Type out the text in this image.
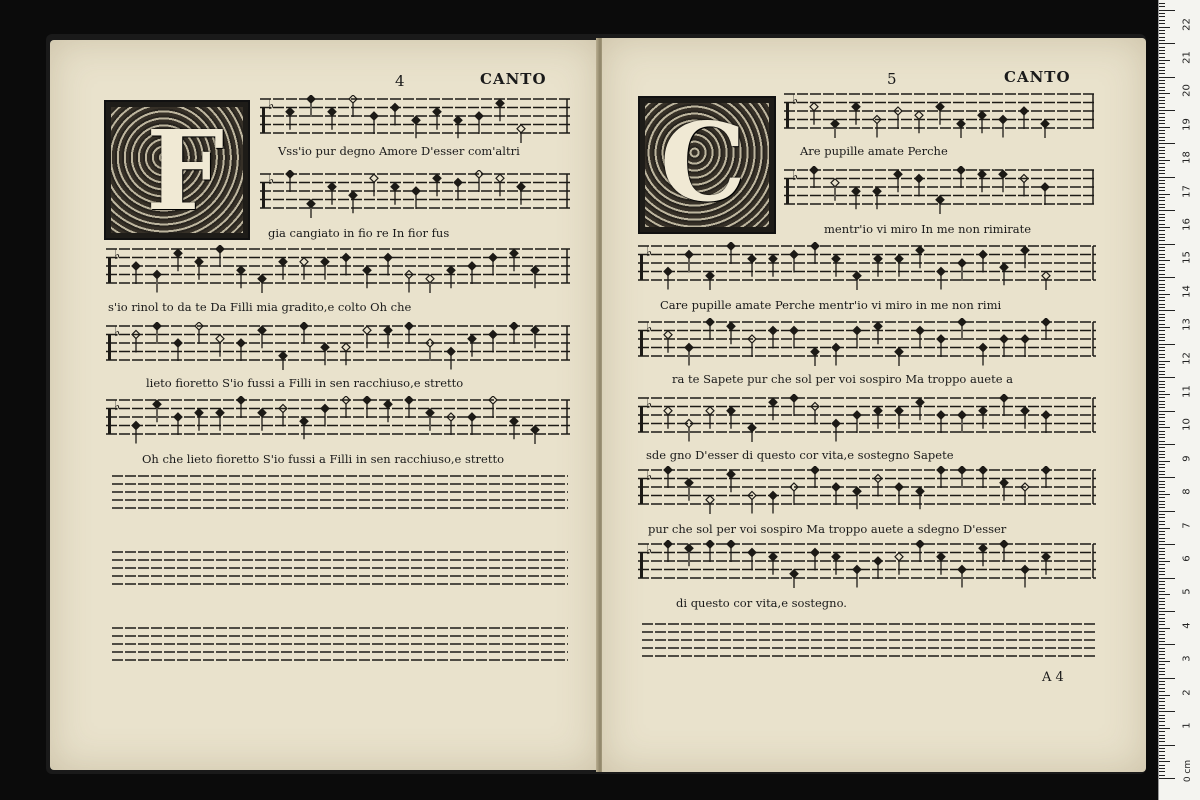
4	CANTO
F
♭
Vss'io pur degno Amore D'esser com'altri
♭
gia cangiato in fio re In fior fus
♭
s'io rinol to da te Da Filli mia gradito,e colto Oh che
♭
lieto fioretto S'io fussi a Filli in sen racchiuso,e stretto
♭
Oh che lieto fioretto S'io fussi a Filli in sen racchiuso,e stretto
5	CANTO
C	♭
Are pupille amate Perche
♭
mentr'io vi miro In me non rimirate
♭
Care pupille amate Perche mentr'io vi miro in me non rimi
♭
ra te Sapete pur che sol per voi sospiro Ma troppo auete a
♭
sde gno D'esser di questo cor vita,e sostegno Sapete
♭
pur che sol per voi sospiro Ma troppo auete a sdegno D'esser
♭
di questo cor vita,e sostegno.
A 4
1
2
3
4
5
6
7
8
9
10
11
12
13
14
15
16
17
18
19
20
21
22
0 cm
